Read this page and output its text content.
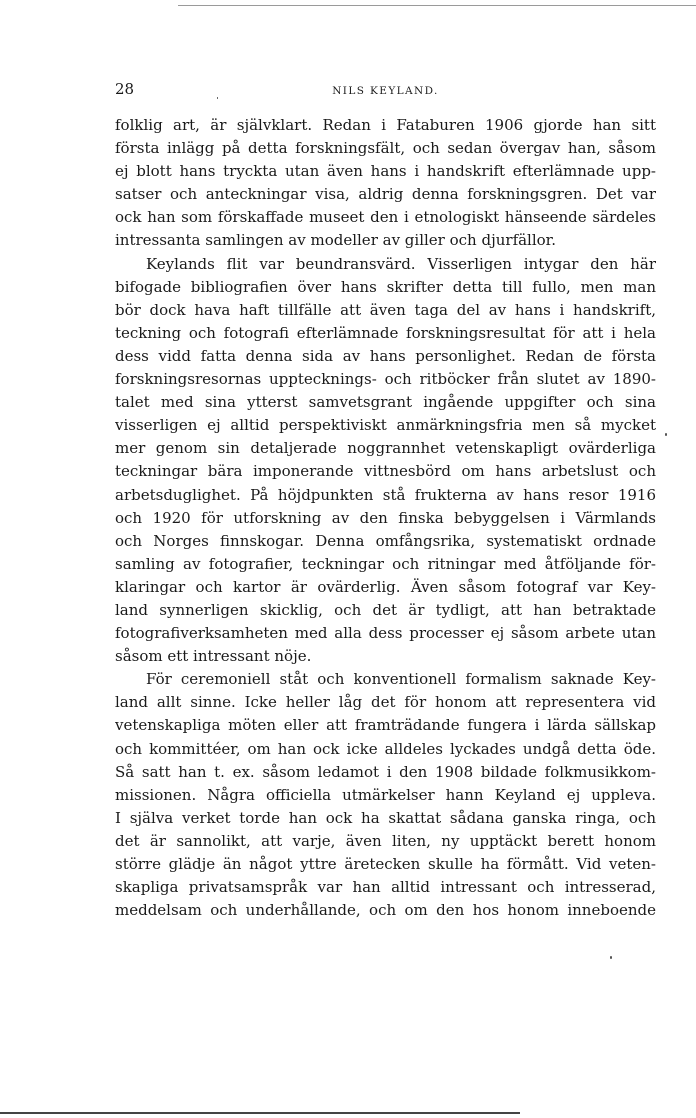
28	NILS KEYLAND.
folklig art, är självklart. Redan i Fataburen 1906 gjorde han sitt
första inlägg på detta forskningsfält, och sedan övergav han, såsom
ej blott hans tryckta utan även hans i handskrift efterlämnade upp-
satser och anteckningar visa, aldrig denna forskningsgren. Det var
ock han som förskaffade museet den i etnologiskt hänseende särdeles
intressanta samlingen av modeller av giller och djurfällor.
Keylands flit var beundransvärd. Visserligen intygar den här
bifogade bibliografien över hans skrifter detta till fullo, men man
bör dock hava haft tillfälle att även taga del av hans i handskrift,
teckning och fotografi efterlämnade forskningsresultat för att i hela
dess vidd fatta denna sida av hans personlighet. Redan de första
forskningsresornas upptecknings- och ritböcker från slutet av 1890-
talet med sina ytterst samvetsgrant ingående uppgifter och sina
visserligen ej alltid perspektiviskt anmärkningsfria men så mycket
mer genom sin detaljerade noggrannhet vetenskapligt ovärderliga
teckningar bära imponerande vittnesbörd om hans arbetslust och
arbetsduglighet. På höjdpunkten stå frukterna av hans resor 1916
och 1920 för utforskning av den finska bebyggelsen i Värmlands
och Norges finnskogar. Denna omfångsrika, systematiskt ordnade
samling av fotografier, teckningar och ritningar med åtföljande för-
klaringar och kartor är ovärderlig. Även såsom fotograf var Key-
land synnerligen skicklig, och det är tydligt, att han betraktade
fotografiverksamheten med alla dess processer ej såsom arbete utan
såsom ett intressant nöje.
För ceremoniell ståt och konventionell formalism saknade Key-
land allt sinne. Icke heller låg det för honom att representera vid
vetenskapliga möten eller att framträdande fungera i lärda sällskap
och kommittéer, om han ock icke alldeles lyckades undgå detta öde.
Så satt han t. ex. såsom ledamot i den 1908 bildade folkmusikkom-
missionen. Några officiella utmärkelser hann Keyland ej uppleva.
I själva verket torde han ock ha skattat sådana ganska ringa, och
det är sannolikt, att varje, även liten, ny upptäckt berett honom
större glädje än något yttre äretecken skulle ha förmått. Vid veten-
skapliga privatsamspråk var han alltid intressant och intresserad,
meddelsam och underhållande, och om den hos honom inneboende
